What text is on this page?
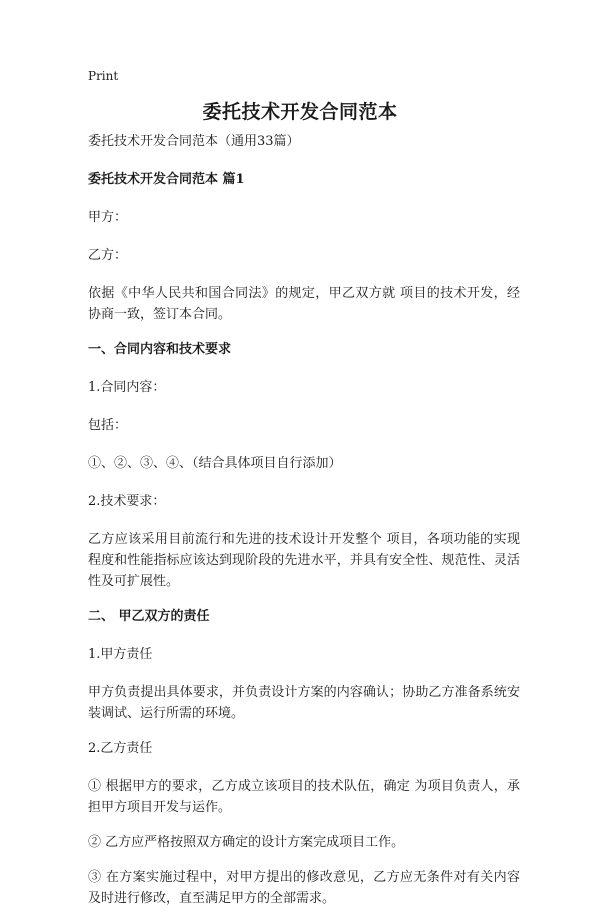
Print
委托技术开发合同范本
委托技术开发合同范本（通用33篇）
委托技术开发合同范本 篇1
甲方：
乙方：
依据《中华人民共和国合同法》的规定，甲乙双方就 项目的技术开发，经协商一致，签订本合同。
一、合同内容和技术要求
1.合同内容：
包括：
①、②、③、④、（结合具体项目自行添加）
2.技术要求：
乙方应该采用目前流行和先进的技术设计开发整个 项目，各项功能的实现程度和性能指标应该达到现阶段的先进水平，并具有安全性、规范性、灵活性及可扩展性。
二、 甲乙双方的责任
1.甲方责任
甲方负责提出具体要求，并负责设计方案的内容确认；协助乙方准备系统安装调试、运行所需的环境。
2.乙方责任
① 根据甲方的要求，乙方成立该项目的技术队伍，确定 为项目负责人，承担甲方项目开发与运作。
② 乙方应严格按照双方确定的设计方案完成项目工作。
③ 在方案实施过程中，对甲方提出的修改意见，乙方应无条件对有关内容及时进行修改，直至满足甲方的全部需求。
